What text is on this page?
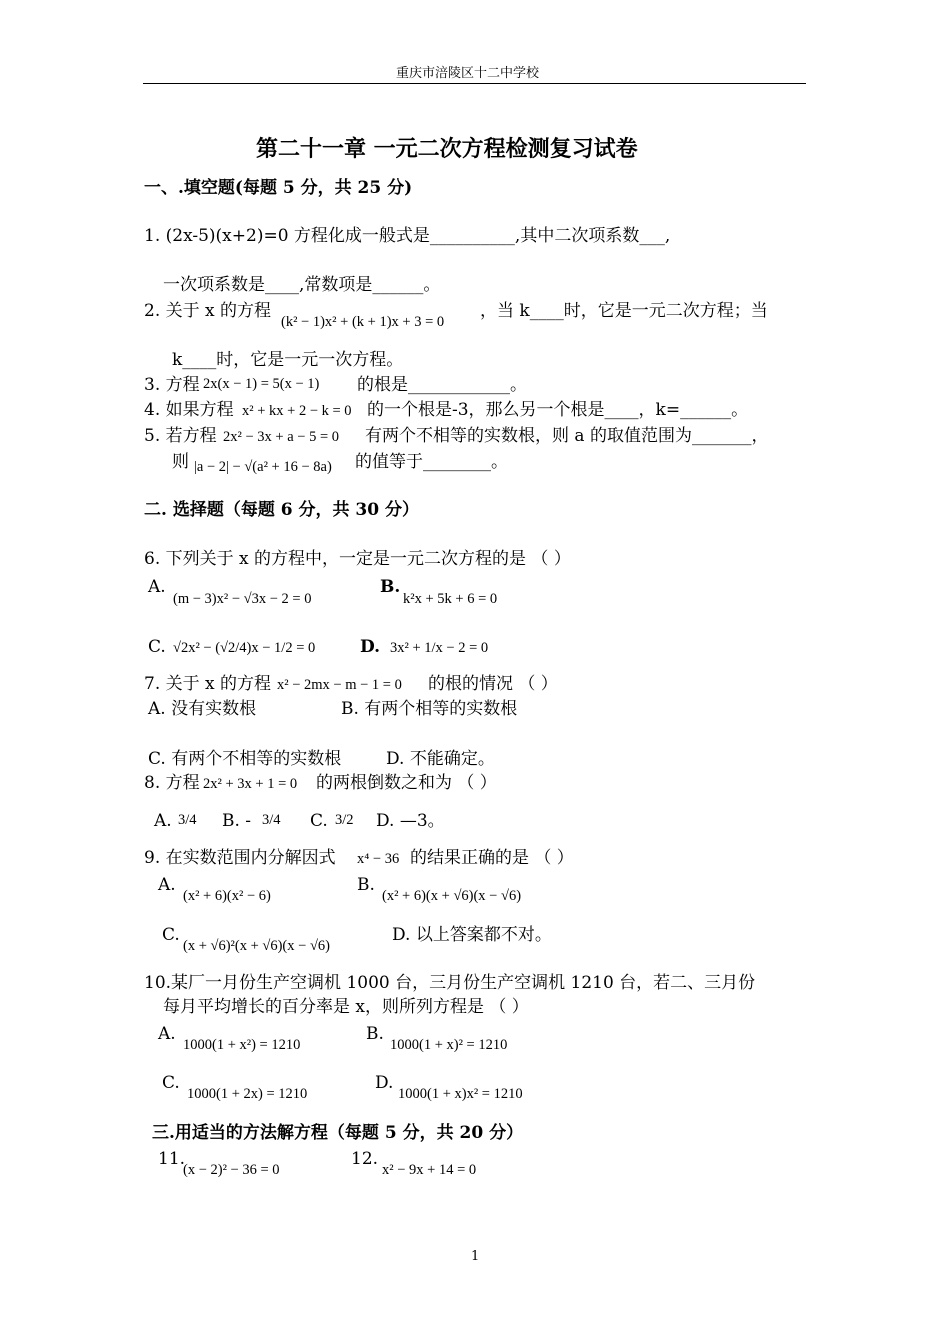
重庆市涪陵区十二中学校
第二十一章 一元二次方程检测复习试卷
一、.填空题(每题 5 分，共 25 分)
1. (2x-5)(x+2)=0 方程化成一般式是__________,其中二次项系数___,
一次项系数是____,常数项是______。
2. 关于 x 的方程
(k² − 1)x² + (k + 1)x + 3 = 0
，当 k____时，它是一元二次方程；当
k____时，它是一元一次方程。
3. 方程 2x(x − 1) = 5(x − 1) 的根是____________。
4. 如果方程 x² + kx + 2 − k = 0 的一个根是-3，那么另一个根是____，k=______。
5. 若方程 2x² − 3x + a − 5 = 0 有两个不相等的实数根，则 a 的取值范围为_______，
则 |a − 2| − √(a² + 16 − 8a) 的值等于________。
二. 选择题（每题 6 分，共 30 分）
6. 下列关于 x 的方程中，一定是一元二次方程的是 （ ）
A.
(m − 3)x² − √3x − 2 = 0
B.
k²x + 5k + 6 = 0
C. √2x² − (√2/4)x − 1/2 = 0	D. 3x² + 1/x − 2 = 0
7. 关于 x 的方程 x² − 2mx − m − 1 = 0 的根的情况 （ ）
A. 没有实数根	B. 有两个相等的实数根
C. 有两个不相等的实数根	D. 不能确定。
8. 方程 2x² + 3x + 1 = 0 的两根倒数之和为 （ ）
A. 3/4 B. - 3/4 C. 3/2 D. —3。
9. 在实数范围内分解因式 x⁴ − 36 的结果正确的是 （ ）
A.
(x² + 6)(x² − 6)
B.
(x² + 6)(x + √6)(x − √6)
C.
(x + √6)²(x + √6)(x − √6)
D. 以上答案都不对。
10.某厂一月份生产空调机 1000 台，三月份生产空调机 1210 台，若二、三月份
每月平均增长的百分率是 x，则所列方程是 （ ）
A.
1000(1 + x²) = 1210
B.
1000(1 + x)² = 1210
C.
1000(1 + 2x) = 1210
D.
1000(1 + x)x² = 1210
三.用适当的方法解方程（每题 5 分，共 20 分）
11.
(x − 2)² − 36 = 0
12.
x² − 9x + 14 = 0
1
